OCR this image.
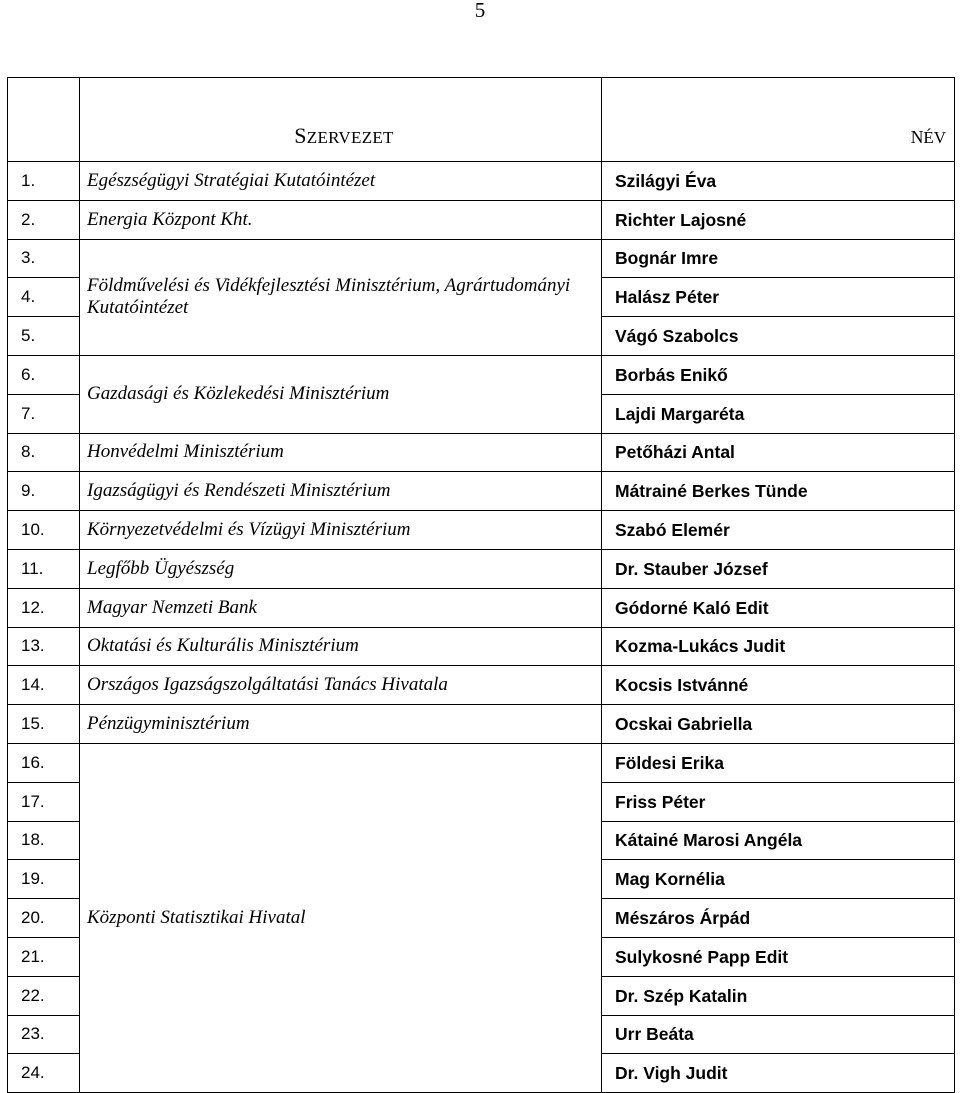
5
	SZERVEZET	NÉV
1.	Egészségügyi Stratégiai Kutatóintézet	Szilágyi Éva
2.	Energia Központ Kht.	Richter Lajosné
3.	Földművelési és Vidékfejlesztési Minisztérium, Agrártudományi Kutatóintézet	Bognár Imre
4.		Halász Péter
5.		Vágó Szabolcs
6.	Gazdasági és Közlekedési Minisztérium	Borbás Enikő
7.		Lajdi Margaréta
8.	Honvédelmi Minisztérium	Petőházi Antal
9.	Igazságügyi és Rendészeti Minisztérium	Mátrainé Berkes Tünde
10.	Környezetvédelmi és Vízügyi Minisztérium	Szabó Elemér
11.	Legfőbb Ügyészség	Dr. Stauber József
12.	Magyar Nemzeti Bank	Gódorné Kaló Edit
13.	Oktatási és Kulturális Minisztérium	Kozma-Lukács Judit
14.	Országos Igazságszolgáltatási Tanács Hivatala	Kocsis Istvánné
15.	Pénzügyminisztérium	Ocskai Gabriella
16.	Központi Statisztikai Hivatal	Földesi Erika
17.		Friss Péter
18.		Kátainé Marosi Angéla
19.		Mag Kornélia
20.		Mészáros Árpád
21.		Sulykosné Papp Edit
22.		Dr. Szép Katalin
23.		Urr Beáta
24.		Dr. Vigh Judit
